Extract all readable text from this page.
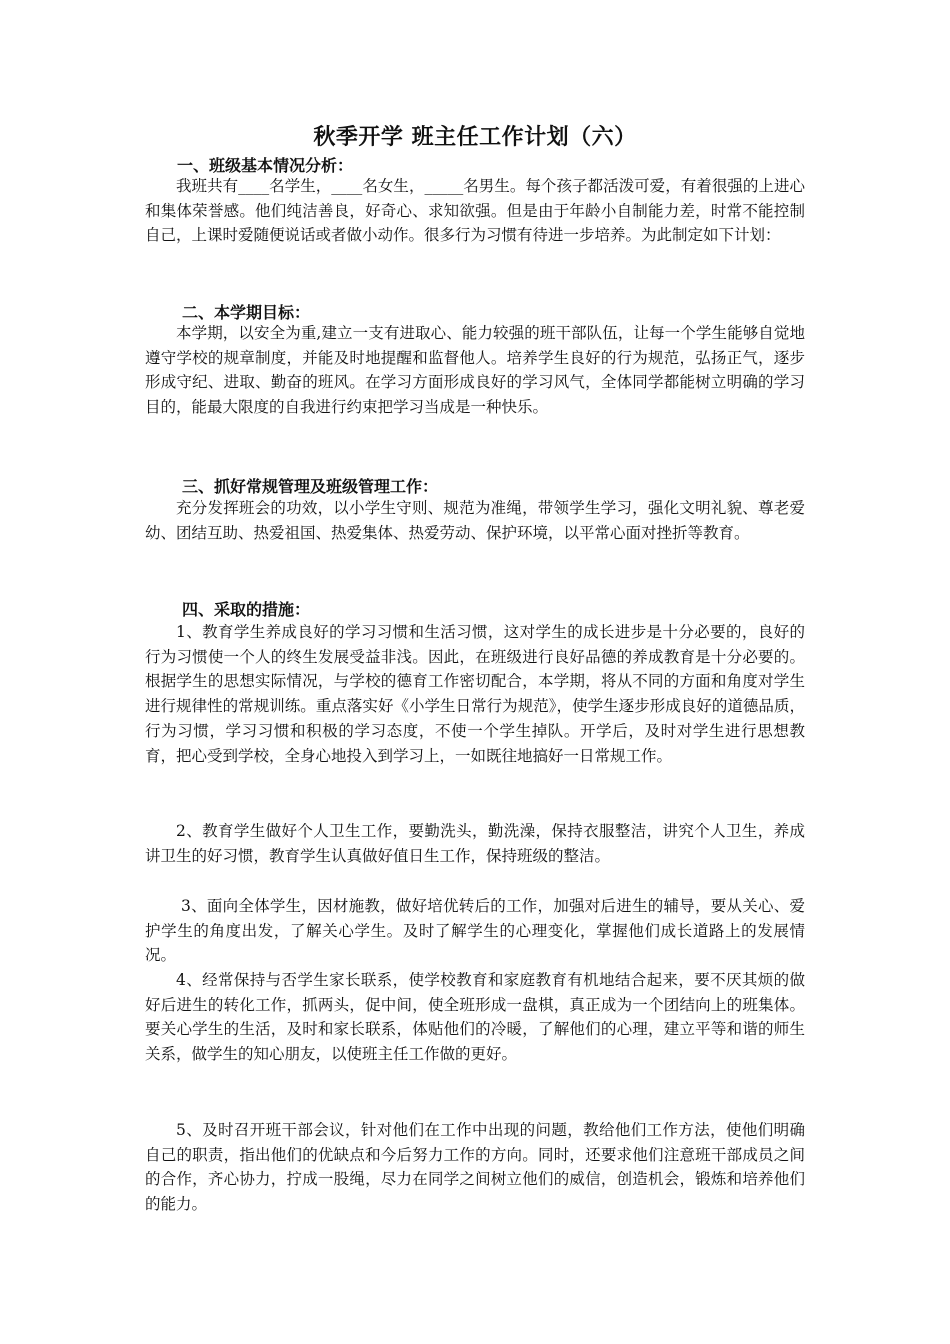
秋季开学 班主任工作计划（六）
一、班级基本情况分析：
我班共有____名学生，____名女生，_____名男生。每个孩子都活泼可爱，有着很强的上进心和集体荣誉感。他们纯洁善良，好奇心、求知欲强。但是由于年龄小自制能力差，时常不能控制自己，上课时爱随便说话或者做小动作。很多行为习惯有待进一步培养。为此制定如下计划：
二、本学期目标：
本学期，以安全为重,建立一支有进取心、能力较强的班干部队伍，让每一个学生能够自觉地遵守学校的规章制度，并能及时地提醒和监督他人。培养学生良好的行为规范，弘扬正气，逐步形成守纪、进取、勤奋的班风。在学习方面形成良好的学习风气，全体同学都能树立明确的学习目的，能最大限度的自我进行约束把学习当成是一种快乐。
三、抓好常规管理及班级管理工作：
充分发挥班会的功效，以小学生守则、规范为准绳，带领学生学习，强化文明礼貌、尊老爱幼、团结互助、热爱祖国、热爱集体、热爱劳动、保护环境，以平常心面对挫折等教育。
四、采取的措施：
1、教育学生养成良好的学习习惯和生活习惯，这对学生的成长进步是十分必要的，良好的行为习惯使一个人的终生发展受益非浅。因此，在班级进行良好品德的养成教育是十分必要的。根据学生的思想实际情况，与学校的德育工作密切配合，本学期，将从不同的方面和角度对学生进行规律性的常规训练。重点落实好《小学生日常行为规范》，使学生逐步形成良好的道德品质，行为习惯，学习习惯和积极的学习态度，不使一个学生掉队。开学后，及时对学生进行思想教育，把心受到学校，全身心地投入到学习上，一如既往地搞好一日常规工作。
2、教育学生做好个人卫生工作，要勤洗头，勤洗澡，保持衣服整洁，讲究个人卫生，养成讲卫生的好习惯，教育学生认真做好值日生工作，保持班级的整洁。
3、面向全体学生，因材施教，做好培优转后的工作，加强对后进生的辅导，要从关心、爱护学生的角度出发，了解关心学生。及时了解学生的心理变化，掌握他们成长道路上的发展情况。
4、经常保持与否学生家长联系，使学校教育和家庭教育有机地结合起来，要不厌其烦的做好后进生的转化工作，抓两头，促中间，使全班形成一盘棋，真正成为一个团结向上的班集体。要关心学生的生活，及时和家长联系，体贴他们的冷暖，了解他们的心理，建立平等和谐的师生关系，做学生的知心朋友，以使班主任工作做的更好。
5、及时召开班干部会议，针对他们在工作中出现的问题，教给他们工作方法，使他们明确自己的职责，指出他们的优缺点和今后努力工作的方向。同时，还要求他们注意班干部成员之间的合作，齐心协力，拧成一股绳，尽力在同学之间树立他们的威信，创造机会，锻炼和培养他们的能力。
